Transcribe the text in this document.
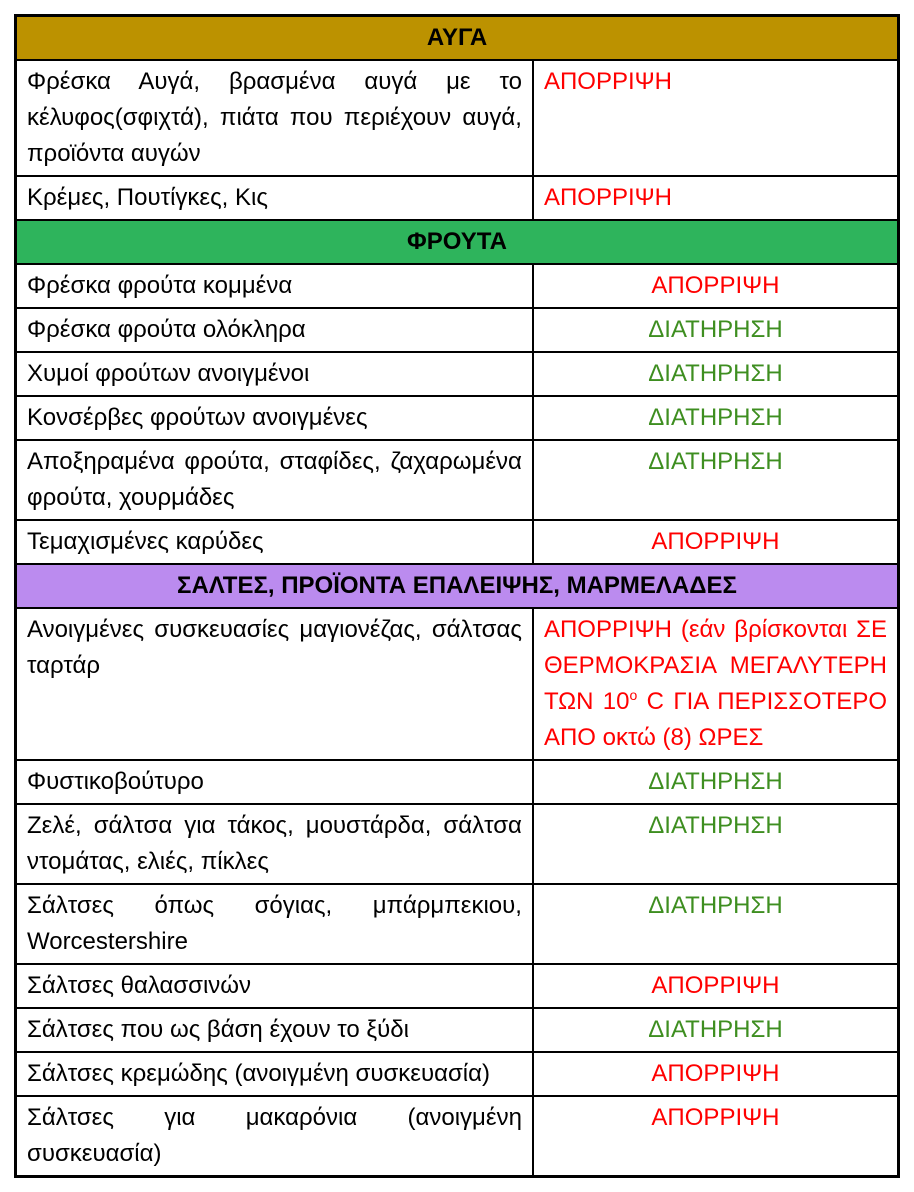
ΑΥΓΑ	
Φρέσκα Αυγά, βρασμένα αυγά με το κέλυφος(σφιχτά), πιάτα που περιέχουν αυγά, προϊόντα αυγών	ΑΠΟΡΡΙΨΗ
Κρέμες, Πουτίγκες, Κις	ΑΠΟΡΡΙΨΗ
ΦΡΟΥΤΑ	
Φρέσκα φρούτα κομμένα	ΑΠΟΡΡΙΨΗ
Φρέσκα φρούτα ολόκληρα	ΔΙΑΤΗΡΗΣΗ
Χυμοί φρούτων ανοιγμένοι	ΔΙΑΤΗΡΗΣΗ
Κονσέρβες φρούτων ανοιγμένες	ΔΙΑΤΗΡΗΣΗ
Αποξηραμένα φρούτα, σταφίδες, ζαχαρωμένα φρούτα, χουρμάδες	ΔΙΑΤΗΡΗΣΗ
Τεμαχισμένες καρύδες	ΑΠΟΡΡΙΨΗ
ΣΑΛΤΕΣ, ΠΡΟΪΟΝΤΑ ΕΠΑΛΕΙΨΗΣ, ΜΑΡΜΕΛΑΔΕΣ	
Ανοιγμένες συσκευασίες μαγιονέζας, σάλτσας ταρτάρ	ΑΠΟΡΡΙΨΗ (εάν βρίσκονται ΣΕ ΘΕΡΜΟΚΡΑΣΙΑ ΜΕΓΑΛΥΤΕΡΗ ΤΩΝ $10^o$ C ΓΙΑ ΠΕΡΙΣΣΟΤΕΡΟ ΑΠΟ οκτώ (8) ΩΡΕΣ
Φυστικοβούτυρο	ΔΙΑΤΗΡΗΣΗ
Ζελέ, σάλτσα για τάκος, μουστάρδα, σάλτσα ντομάτας, ελιές, πίκλες	ΔΙΑΤΗΡΗΣΗ
Σάλτσες όπως σόγιας, μπάρμπεκιου, Worcestershire	ΔΙΑΤΗΡΗΣΗ
Σάλτσες θαλασσινών	ΑΠΟΡΡΙΨΗ
Σάλτσες που ως βάση έχουν το ξύδι	ΔΙΑΤΗΡΗΣΗ
Σάλτσες κρεμώδης (ανοιγμένη συσκευασία)	ΑΠΟΡΡΙΨΗ
Σάλτσες για μακαρόνια (ανοιγμένη συσκευασία)	ΑΠΟΡΡΙΨΗ
